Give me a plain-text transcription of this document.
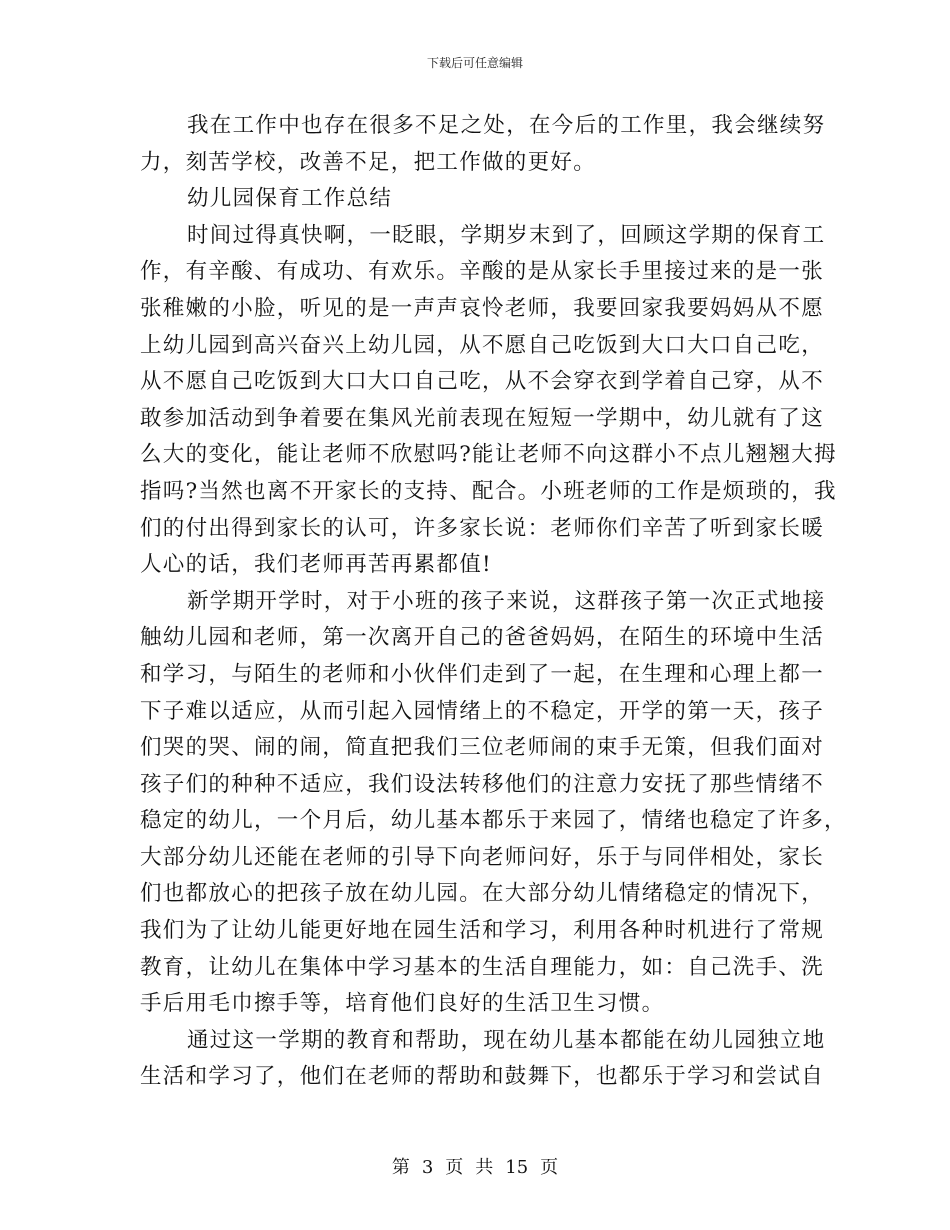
下载后可任意编辑
我在工作中也存在很多不足之处，在今后的工作里，我会继续努
力，刻苦学校，改善不足，把工作做的更好。
幼儿园保育工作总结
时间过得真快啊，一眨眼，学期岁末到了，回顾这学期的保育工
作，有辛酸、有成功、有欢乐。辛酸的是从家长手里接过来的是一张
张稚嫩的小脸，听见的是一声声哀怜老师，我要回家我要妈妈从不愿
上幼儿园到高兴奋兴上幼儿园，从不愿自己吃饭到大口大口自己吃，
从不愿自己吃饭到大口大口自己吃，从不会穿衣到学着自己穿，从不
敢参加活动到争着要在集风光前表现在短短一学期中，幼儿就有了这
么大的变化，能让老师不欣慰吗?能让老师不向这群小不点儿翘翘大拇
指吗?当然也离不开家长的支持、配合。小班老师的工作是烦琐的，我
们的付出得到家长的认可，许多家长说：老师你们辛苦了听到家长暖
人心的话，我们老师再苦再累都值!
新学期开学时，对于小班的孩子来说，这群孩子第一次正式地接
触幼儿园和老师，第一次离开自己的爸爸妈妈，在陌生的环境中生活
和学习，与陌生的老师和小伙伴们走到了一起，在生理和心理上都一
下子难以适应，从而引起入园情绪上的不稳定，开学的第一天，孩子
们哭的哭、闹的闹，简直把我们三位老师闹的束手无策，但我们面对
孩子们的种种不适应，我们设法转移他们的注意力安抚了那些情绪不
稳定的幼儿，一个月后，幼儿基本都乐于来园了，情绪也稳定了许多，
大部分幼儿还能在老师的引导下向老师问好，乐于与同伴相处，家长
们也都放心的把孩子放在幼儿园。在大部分幼儿情绪稳定的情况下，
我们为了让幼儿能更好地在园生活和学习，利用各种时机进行了常规
教育，让幼儿在集体中学习基本的生活自理能力，如：自己洗手、洗
手后用毛巾擦手等，培育他们良好的生活卫生习惯。
通过这一学期的教育和帮助，现在幼儿基本都能在幼儿园独立地
生活和学习了，他们在老师的帮助和鼓舞下，也都乐于学习和尝试自
第 3 页 共 15 页
